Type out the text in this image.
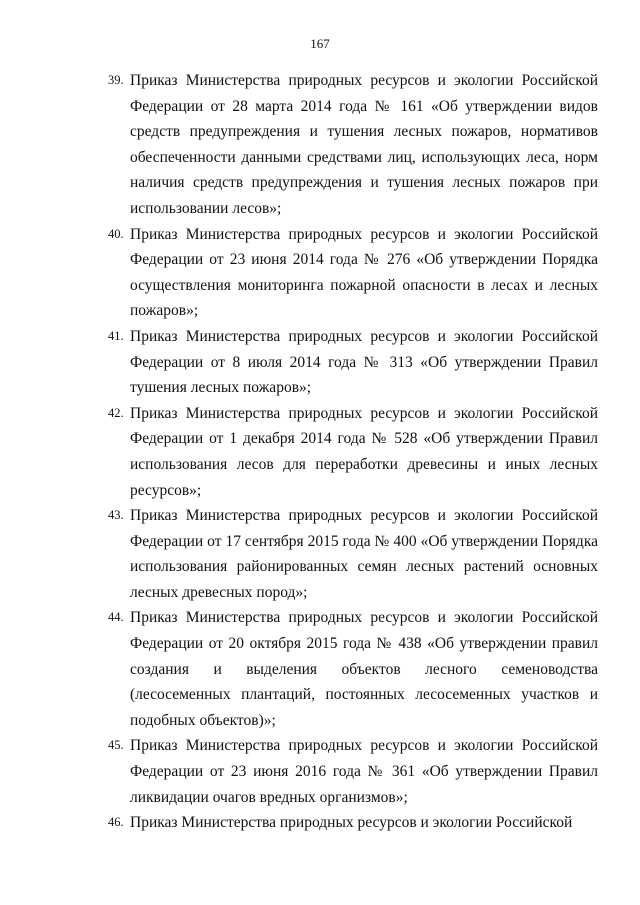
167
39. Приказ Министерства природных ресурсов и экологии Российской Федерации от 28 марта 2014 года № 161 «Об утверждении видов средств предупреждения и тушения лесных пожаров, нормативов обеспеченности данными средствами лиц, использующих леса, норм наличия средств предупреждения и тушения лесных пожаров при использовании лесов»;
40. Приказ Министерства природных ресурсов и экологии Российской Федерации от 23 июня 2014 года № 276 «Об утверждении Порядка осуществления мониторинга пожарной опасности в лесах и лесных пожаров»;
41. Приказ Министерства природных ресурсов и экологии Российской Федерации от 8 июля 2014 года № 313 «Об утверждении Правил тушения лесных пожаров»;
42. Приказ Министерства природных ресурсов и экологии Российской Федерации от 1 декабря 2014 года № 528 «Об утверждении Правил использования лесов для переработки древесины и иных лесных ресурсов»;
43. Приказ Министерства природных ресурсов и экологии Российской Федерации от 17 сентября 2015 года № 400 «Об утверждении Порядка использования районированных семян лесных растений основных лесных древесных пород»;
44. Приказ Министерства природных ресурсов и экологии Российской Федерации от 20 октября 2015 года № 438 «Об утверждении правил создания и выделения объектов лесного семеноводства (лесосеменных плантаций, постоянных лесосеменных участков и подобных объектов)»;
45. Приказ Министерства природных ресурсов и экологии Российской Федерации от 23 июня 2016 года № 361 «Об утверждении Правил ликвидации очагов вредных организмов»;
46. Приказ Министерства природных ресурсов и экологии Российской
